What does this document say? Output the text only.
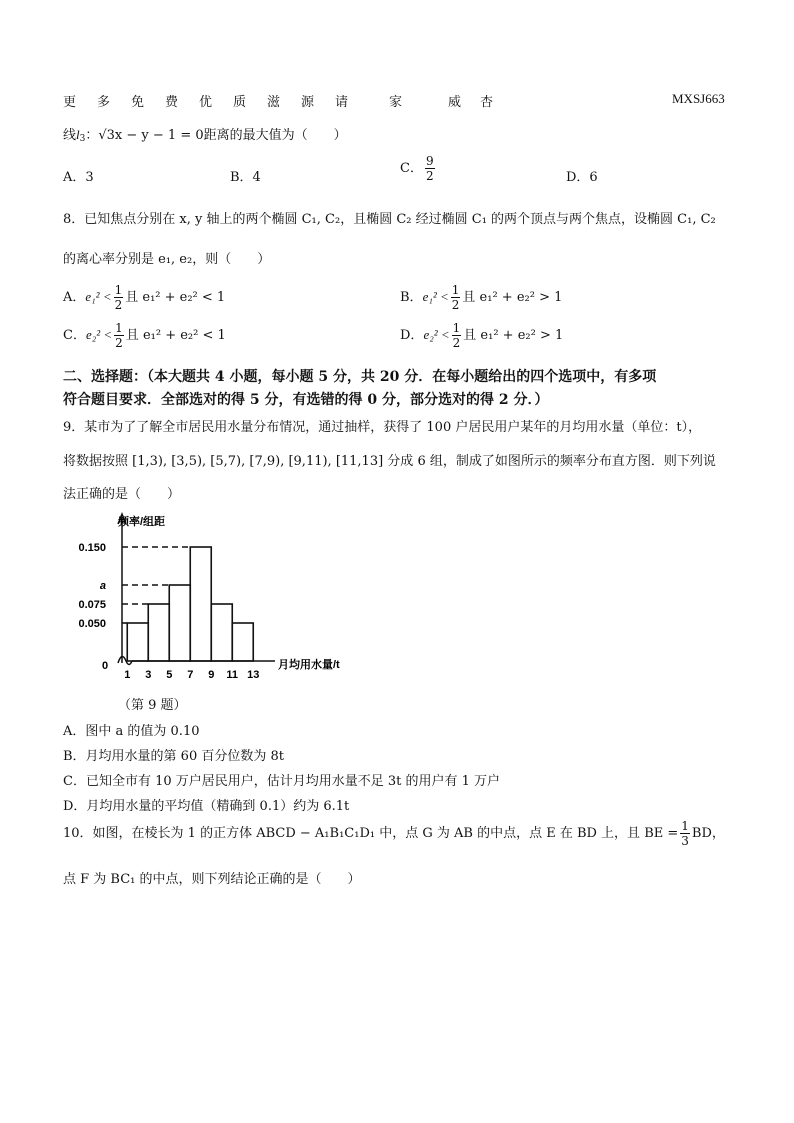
更 多 免 费 优 质 滋 源 请	家	威 杏	MXSJ663
线$l_3$：√3x − y − 1 = 0距离的最大值为（　　）
A．3	B．4
C． $\frac{9}{2}$	D．6
8．已知焦点分别在 x, y 轴上的两个椭圆 C₁, C₂，且椭圆 C₂ 经过椭圆 C₁ 的两个顶点与两个焦点，设椭圆 C₁, C₂
的离心率分别是 e₁, e₂，则（　　）
A．$e_1^2 < \frac{1}{2}$ 且 e₁² + e₂² < 1	B．$e_1^2 < \frac{1}{2}$ 且 e₁² + e₂² > 1
C．$e_2^2 < \frac{1}{2}$ 且 e₁² + e₂² < 1	D．$e_2^2 < \frac{1}{2}$ 且 e₁² + e₂² > 1
二、选择题：（本大题共 4 小题，每小题 5 分，共 20 分．在每小题给出的四个选项中，有多项
符合题目要求．全部选对的得 5 分，有选错的得 0 分，部分选对的得 2 分．）
9．某市为了了解全市居民用水量分布情况，通过抽样，获得了 100 户居民用户某年的月均用水量（单位：t），
将数据按照 [1,3), [3,5), [5,7), [7,9), [9,11), [11,13] 分成 6 组，制成了如图所示的频率分布直方图．则下列说
法正确的是（　　）
频率/组距
月均用水量/t
0
0.050
0.075
a
0.150
1 3 5 7 9 11 13
（第 9 题）
A．图中 a 的值为 0.10
B．月均用水量的第 60 百分位数为 8t
C．已知全市有 10 万户居民用户，估计月均用水量不足 3t 的用户有 1 万户
D．月均用水量的平均值（精确到 0.1）约为 6.1t
10．如图，在棱长为 1 的正方体 ABCD − A₁B₁C₁D₁ 中，点 G 为 AB 的中点，点 E 在 BD 上，且 BE = $\frac{1}{3}$ BD，
点 F 为 BC₁ 的中点，则下列结论正确的是（　　）
